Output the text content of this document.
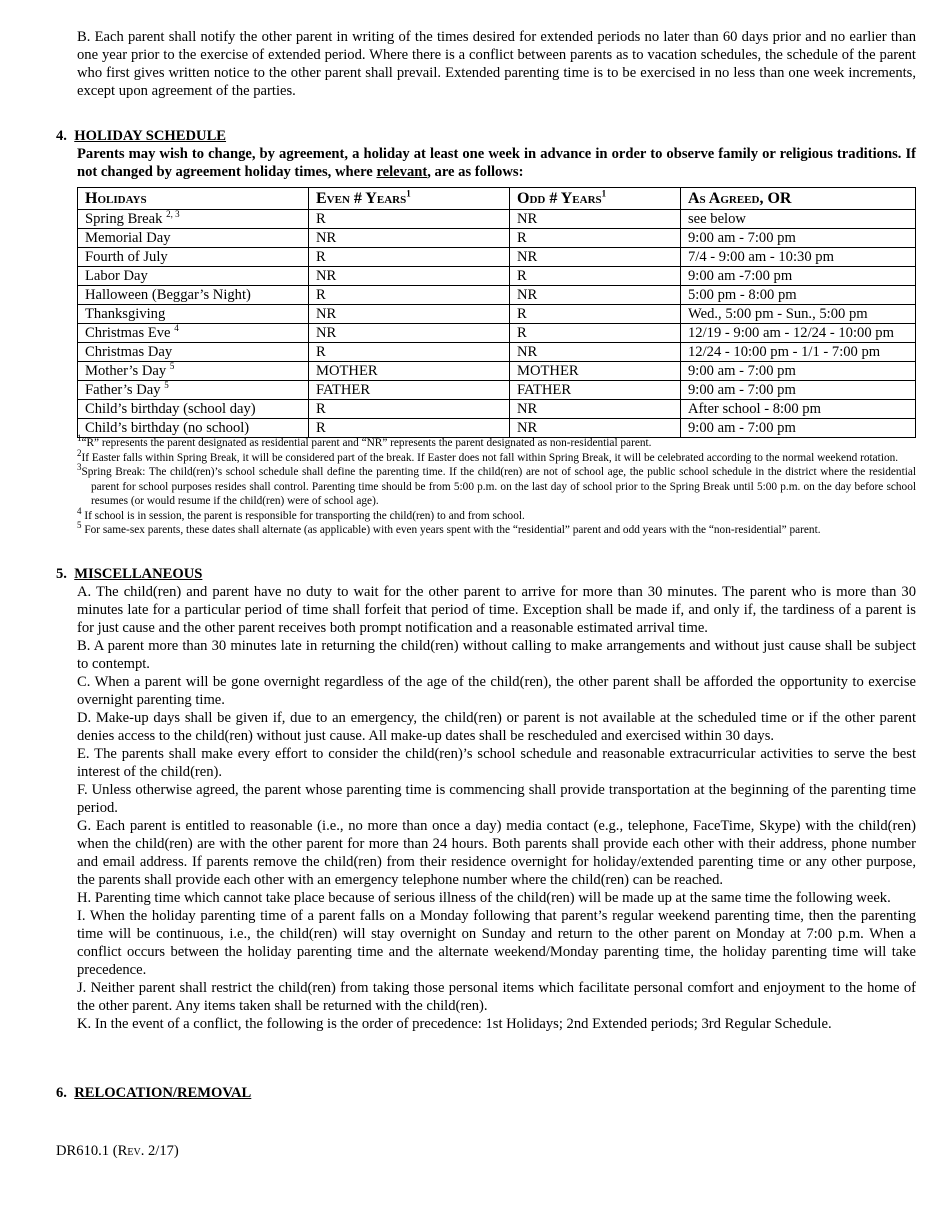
B. Each parent shall notify the other parent in writing of the times desired for extended periods no later than 60 days prior and no earlier than one year prior to the exercise of extended period. Where there is a conflict between parents as to vacation schedules, the schedule of the parent who first gives written notice to the other parent shall prevail. Extended parenting time is to be exercised in no less than one week increments, except upon agreement of the parties.

4. HOLIDAY SCHEDULE

Parents may wish to change, by agreement, a holiday at least one week in advance in order to observe family or religious traditions. If not changed by agreement holiday times, where relevant, are as follows:

Holidays	Even # Years$^1$	Odd # Years$^1$	As Agreed, OR
Spring Break $^{2, 3}$	R	NR	see below
Memorial Day	NR	R	9:00 am - 7:00 pm
Fourth of July	R	NR	7/4 - 9:00 am - 10:30 pm
Labor Day	NR	R	9:00 am -7:00 pm
Halloween (Beggar’s Night)	R	NR	5:00 pm - 8:00 pm
Thanksgiving	NR	R	Wed., 5:00 pm - Sun., 5:00 pm
Christmas Eve $^4$	NR	R	12/19 - 9:00 am - 12/24 - 10:00 pm
Christmas Day	R	NR	12/24 - 10:00 pm - 1/1 - 7:00 pm
Mother’s Day $^5$	MOTHER	MOTHER	9:00 am - 7:00 pm
Father’s Day $^5$	FATHER	FATHER	9:00 am - 7:00 pm
Child’s birthday (school day)	R	NR	After school - 8:00 pm
Child’s birthday (no school)	R	NR	9:00 am - 7:00 pm

$^1$“R” represents the parent designated as residential parent and “NR” represents the parent designated as non-residential parent.

$^2$If Easter falls within Spring Break, it will be considered part of the break. If Easter does not fall within Spring Break, it will be celebrated according to the normal weekend rotation.

$^3$Spring Break: The child(ren)’s school schedule shall define the parenting time. If the child(ren) are not of school age, the public school schedule in the district where the residential parent for school purposes resides shall control. Parenting time should be from 5:00 p.m. on the last day of school prior to the Spring Break until 5:00 p.m. on the day before school resumes (or would resume if the child(ren) were of school age).

$^4$ If school is in session, the parent is responsible for transporting the child(ren) to and from school.

$^5$ For same-sex parents, these dates shall alternate (as applicable) with even years spent with the “residential” parent and odd years with the “non-residential” parent.

5. MISCELLANEOUS

A. The child(ren) and parent have no duty to wait for the other parent to arrive for more than 30 minutes. The parent who is more than 30 minutes late for a particular period of time shall forfeit that period of time. Exception shall be made if, and only if, the tardiness of a parent is for just cause and the other parent receives both prompt notification and a reasonable estimated arrival time.

B. A parent more than 30 minutes late in returning the child(ren) without calling to make arrangements and without just cause shall be subject to contempt.

C. When a parent will be gone overnight regardless of the age of the child(ren), the other parent shall be afforded the opportunity to exercise overnight parenting time.

D. Make-up days shall be given if, due to an emergency, the child(ren) or parent is not available at the scheduled time or if the other parent denies access to the child(ren) without just cause. All make-up dates shall be rescheduled and exercised within 30 days.

E. The parents shall make every effort to consider the child(ren)’s school schedule and reasonable extracurricular activities to serve the best interest of the child(ren).

F. Unless otherwise agreed, the parent whose parenting time is commencing shall provide transportation at the beginning of the parenting time period.

G. Each parent is entitled to reasonable (i.e., no more than once a day) media contact (e.g., telephone, FaceTime, Skype) with the child(ren) when the child(ren) are with the other parent for more than 24 hours. Both parents shall provide each other with their address, phone number and email address. If parents remove the child(ren) from their residence overnight for holiday/extended parenting time or any other purpose, the parents shall provide each other with an emergency telephone number where the child(ren) can be reached.

H. Parenting time which cannot take place because of serious illness of the child(ren) will be made up at the same time the following week.

I. When the holiday parenting time of a parent falls on a Monday following that parent’s regular weekend parenting time, then the parenting time will be continuous, i.e., the child(ren) will stay overnight on Sunday and return to the other parent on Monday at 7:00 p.m. When a conflict occurs between the holiday parenting time and the alternate weekend/Monday parenting time, the holiday parenting time will take precedence.

J. Neither parent shall restrict the child(ren) from taking those personal items which facilitate personal comfort and enjoyment to the home of the other parent. Any items taken shall be returned with the child(ren).

K. In the event of a conflict, the following is the order of precedence: 1st Holidays; 2nd Extended periods; 3rd Regular Schedule.

6. RELOCATION/REMOVAL
DR610.1 (Rev. 2/17)
